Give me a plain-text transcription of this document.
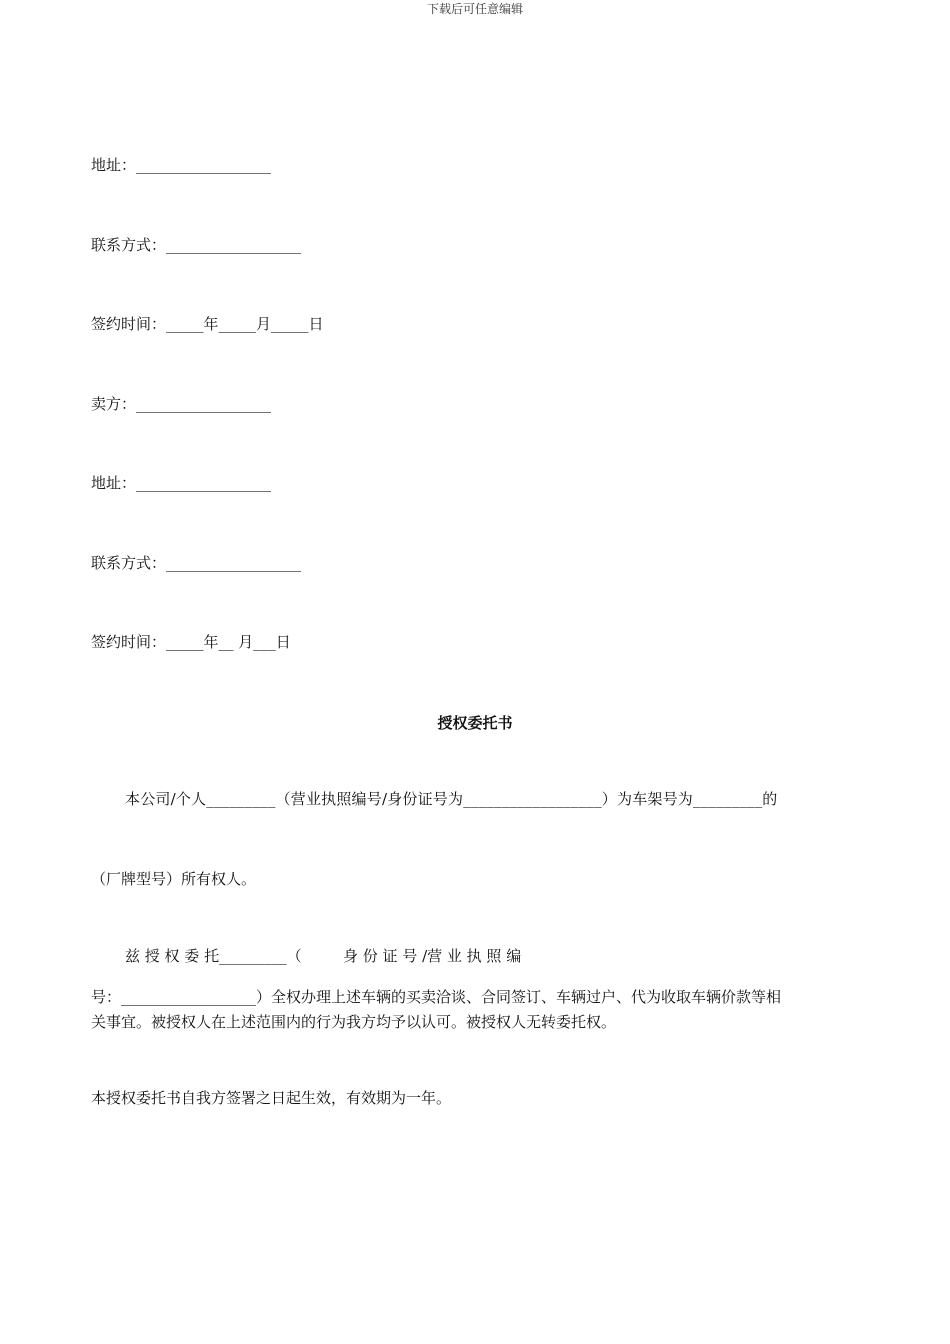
下载后可任意编辑
地址：__________________
联系方式：__________________
签约时间：_____年_____月_____日
卖方：__________________
地址：__________________
联系方式：__________________
签约时间：_____年__ 月___日
授权委托书
本公司/个人_________（营业执照编号/身份证号为__________________）为车架号为_________的
（厂牌型号）所有权人。
兹 授 权 委 托_________（	身 份 证 号 /营 业 执 照 编
号：__________________）全权办理上述车辆的买卖洽谈、合同签订、车辆过户、代为收取车辆价款等相
关事宜。被授权人在上述范围内的行为我方均予以认可。被授权人无转委托权。
本授权委托书自我方签署之日起生效，有效期为一年。
